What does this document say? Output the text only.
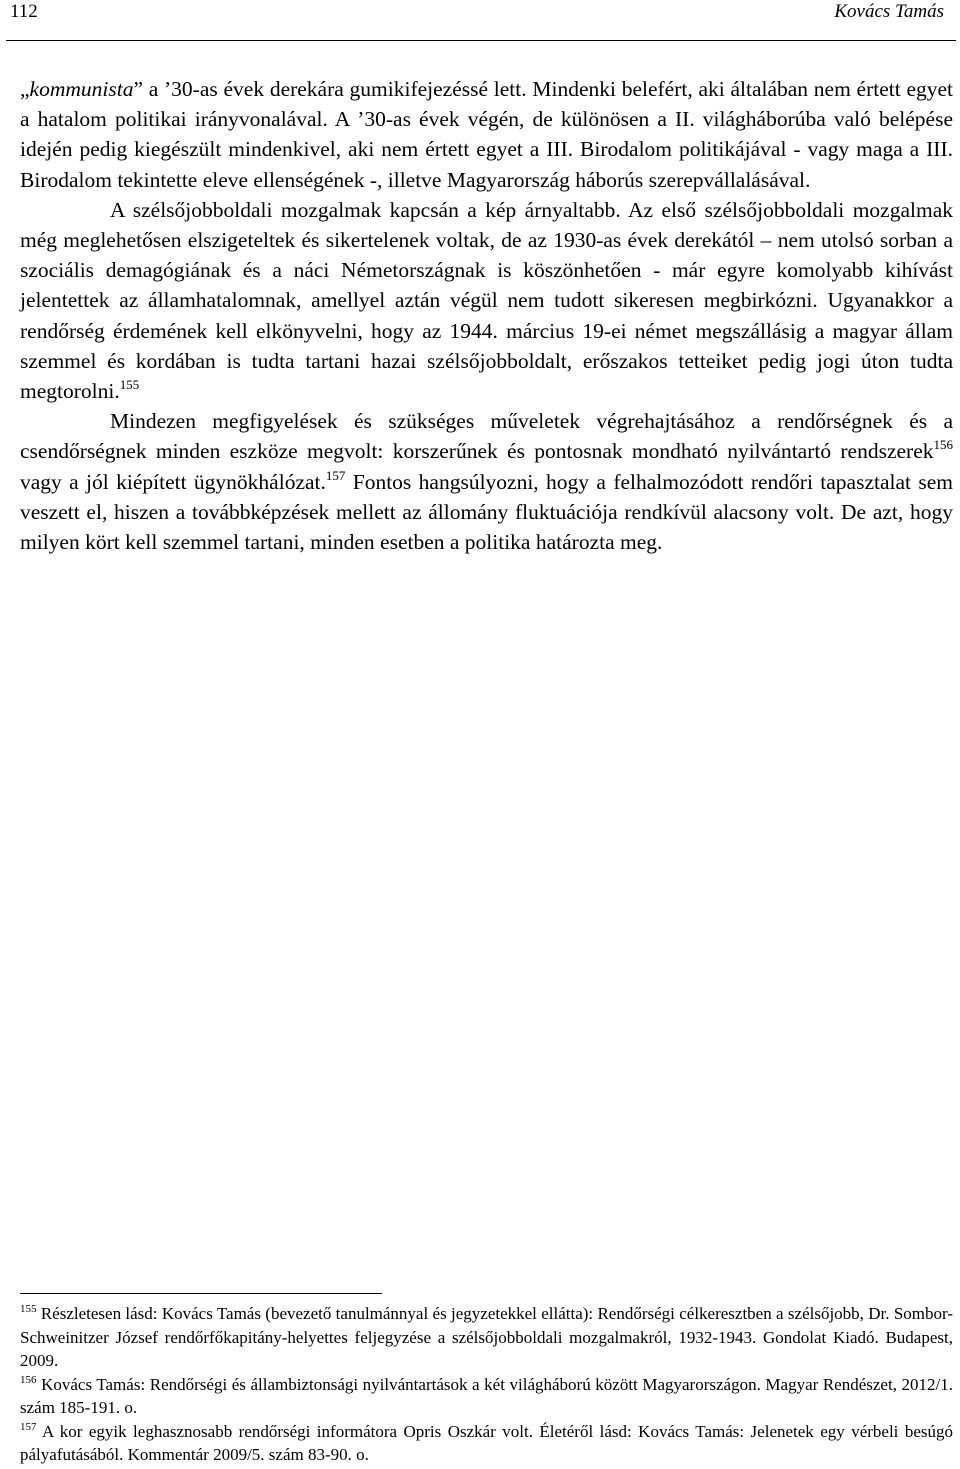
112	Kovács Tamás

„kommunista” a ’30-as évek derekára gumikifejezéssé lett. Mindenki belefért, aki általában nem értett egyet a hatalom politikai irányvonalával. A ’30-as évek végén, de különösen a II. világháborúba való belépése idején pedig kiegészült mindenkivel, aki nem értett egyet a III. Birodalom politikájával - vagy maga a III. Birodalom tekintette eleve ellenségének -, illetve Magyarország háborús szerepvállalásával.

A szélsőjobboldali mozgalmak kapcsán a kép árnyaltabb. Az első szélsőjobboldali mozgalmak még meglehetősen elszigeteltek és sikertelenek voltak, de az 1930-as évek derekától – nem utolsó sorban a szociális demagógiának és a náci Németországnak is köszönhetően - már egyre komolyabb kihívást jelentettek az államhatalomnak, amellyel aztán végül nem tudott sikeresen megbirkózni. Ugyanakkor a rendőrség érdemének kell elkönyvelni, hogy az 1944. március 19-ei német megszállásig a magyar állam szemmel és kordában is tudta tartani hazai szélsőjobboldalt, erőszakos tetteiket pedig jogi úton tudta megtorolni.$^{155}$

Mindezen megfigyelések és szükséges műveletek végrehajtásához a rendőrségnek és a csendőrségnek minden eszköze megvolt: korszerűnek és pontosnak mondható nyilvántartó rendszerek$^{156}$ vagy a jól kiépített ügynökhálózat.$^{157}$ Fontos hangsúlyozni, hogy a felhalmozódott rendőri tapasztalat sem veszett el, hiszen a továbbképzések mellett az állomány fluktuációja rendkívül alacsony volt. De azt, hogy milyen kört kell szemmel tartani, minden esetben a politika határozta meg.

$^{155}$ Részletesen lásd: Kovács Tamás (bevezető tanulmánnyal és jegyzetekkel ellátta): Rendőrségi célkeresztben a szélsőjobb, Dr. Sombor-Schweinitzer József rendőrfőkapitány-helyettes feljegyzése a szélsőjobboldali mozgalmakról, 1932-1943. Gondolat Kiadó. Budapest, 2009.

$^{156}$ Kovács Tamás: Rendőrségi és állambiztonsági nyilvántartások a két világháború között Magyarországon. Magyar Rendészet, 2012/1. szám 185-191. o.

$^{157}$ A kor egyik leghasznosabb rendőrségi informátora Opris Oszkár volt. Életéről lásd: Kovács Tamás: Jelenetek egy vérbeli besúgó pályafutásából. Kommentár 2009/5. szám 83-90. o.
